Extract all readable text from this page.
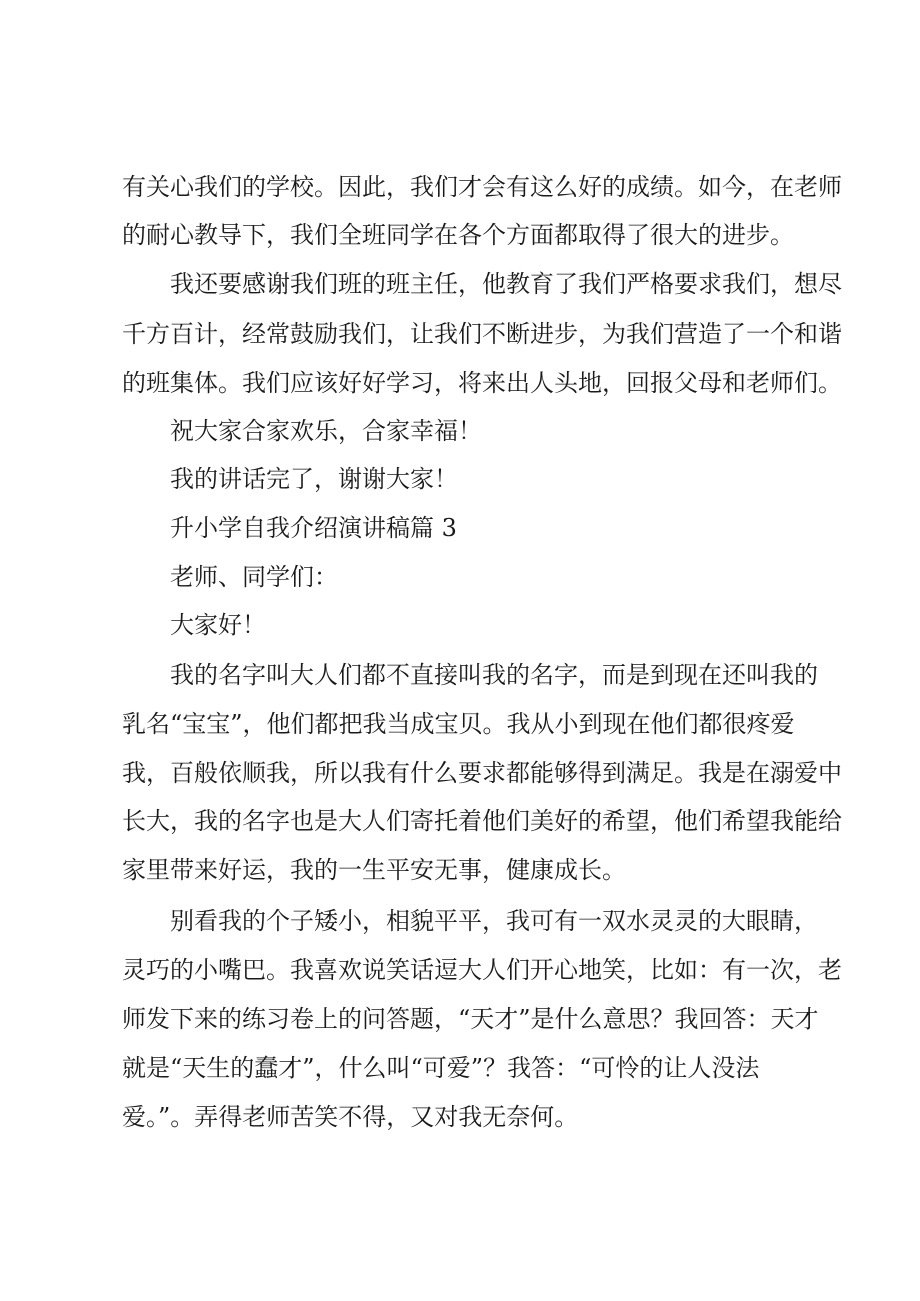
有关心我们的学校。因此，我们才会有这么好的成绩。如今，在老师
的耐心教导下，我们全班同学在各个方面都取得了很大的进步。
我还要感谢我们班的班主任，他教育了我们严格要求我们，想尽
千方百计，经常鼓励我们，让我们不断进步，为我们营造了一个和谐
的班集体。我们应该好好学习，将来出人头地，回报父母和老师们。
祝大家合家欢乐，合家幸福！
我的讲话完了，谢谢大家！
升小学自我介绍演讲稿篇 3
老师、同学们：
大家好！
我的名字叫大人们都不直接叫我的名字，而是到现在还叫我的
乳名“宝宝”，他们都把我当成宝贝。我从小到现在他们都很疼爱
我，百般依顺我，所以我有什么要求都能够得到满足。我是在溺爱中
长大，我的名字也是大人们寄托着他们美好的希望，他们希望我能给
家里带来好运，我的一生平安无事，健康成长。
别看我的个子矮小，相貌平平，我可有一双水灵灵的大眼睛，
灵巧的小嘴巴。我喜欢说笑话逗大人们开心地笑，比如：有一次，老
师发下来的练习卷上的问答题，“天才”是什么意思？我回答：天才
就是“天生的蠢才”，什么叫“可爱”？我答：“可怜的让人没法
爱。”。弄得老师苦笑不得，又对我无奈何。
